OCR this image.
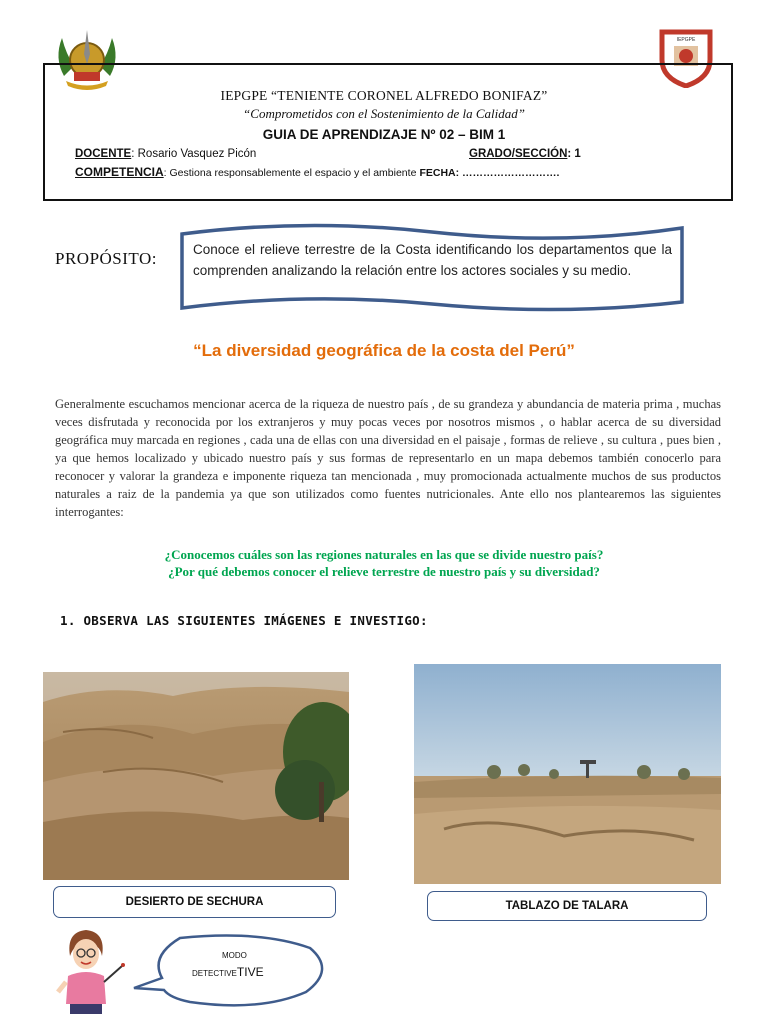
IEPGPE
IEPGPE “TENIENTE CORONEL ALFREDO BONIFAZ”
“Comprometidos con el Sostenimiento de la Calidad”
GUIA DE APRENDIZAJE Nº 02 – BIM 1
DOCENTE: Rosario Vasquez Picón	GRADO/SECCIÓN: 1
COMPETENCIA: Gestiona responsablemente el espacio y el ambiente FECHA: ……………………….
PROPÓSITO:	Conoce el relieve terrestre de la Costa identificando los departamentos que la comprenden analizando la relación entre los actores sociales y su medio.
“La diversidad geográfica de la costa del Perú”
Generalmente escuchamos mencionar acerca de la riqueza de nuestro país , de su grandeza y abundancia de materia prima , muchas veces disfrutada y reconocida por los extranjeros y muy pocas veces por nosotros mismos , o hablar acerca de su diversidad geográfica muy marcada en regiones , cada una de ellas con una diversidad en el paisaje , formas de relieve , su cultura , pues bien , ya que hemos localizado y ubicado nuestro país y sus formas de representarlo en un mapa debemos también conocerlo para reconocer y valorar la grandeza e imponente riqueza tan mencionada , muy promocionada actualmente muchos de sus productos naturales a raiz de la pandemia ya que son utilizados como fuentes nutricionales. Ante ello nos plantearemos las siguientes interrogantes:
¿Conocemos cuáles son las regiones naturales en las que se divide nuestro país?
¿Por qué debemos conocer el relieve terrestre de nuestro país y su diversidad?
1. OBSERVA LAS SIGUIENTES IMÁGENES E INVESTIGO:
DESIERTO DE SECHURA	TABLAZO DE TALARA
MODO
DETECTIVETIVE
